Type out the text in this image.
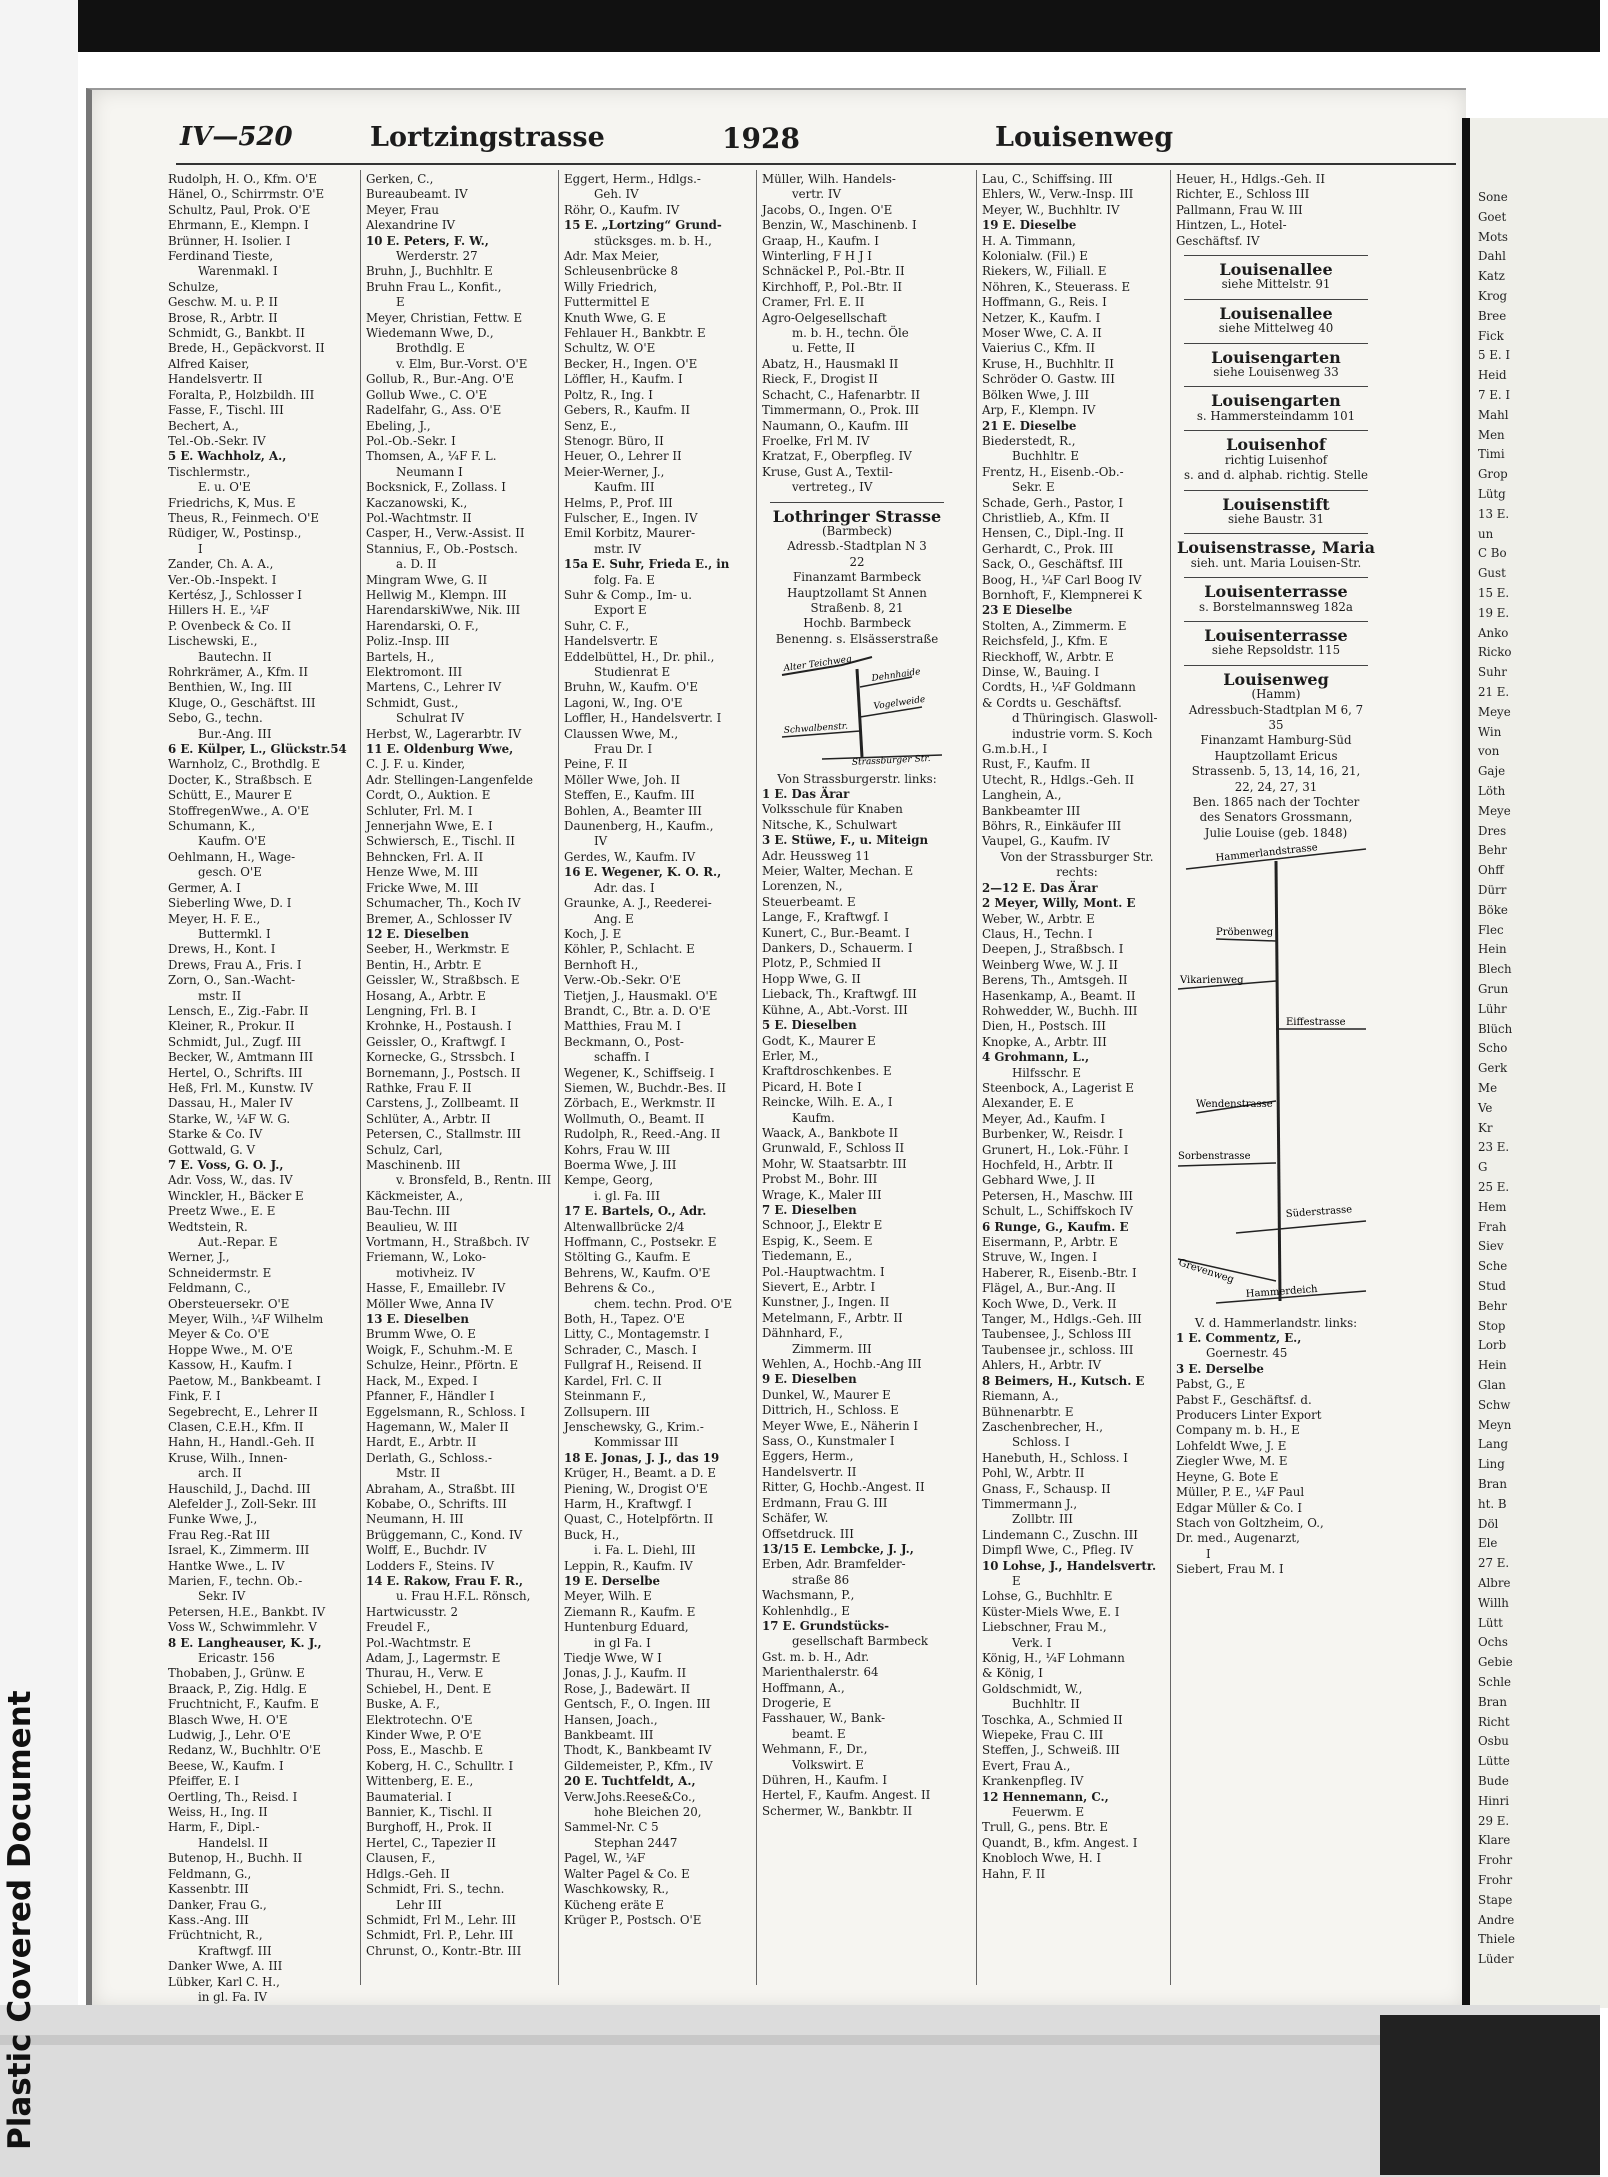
Plastic Covered Document
IV—520	Lortzingstrasse	1928	Louisenweg
Rudolph, H. O., Kfm. O'E
Hänel, O., Schirrmstr. O'E
Schultz, Paul, Prok. O'E
Ehrmann, E., Klempn. I
Brünner, H. Isolier. I
Ferdinand Tieste,
Warenmakl. I
Schulze,
Geschw. M. u. P. II
Brose, R., Arbtr. II
Schmidt, G., Bankbt. II
Brede, H., Gepäckvorst. II
Alfred Kaiser,
Handelsvertr. II
Foralta, P., Holzbildh. III
Fasse, F., Tischl. III
Bechert, A.,
Tel.-Ob.-Sekr. IV
5 E. Wachholz, A.,
Tischlermstr.,
E. u. O'E
Friedrichs, K, Mus. E
Theus, R., Feinmech. O'E
Rüdiger, W., Postinsp.,
I
Zander, Ch. A. A.,
Ver.-Ob.-Inspekt. I
Kertész, J., Schlosser I
Hillers H. E., ¼F
P. Ovenbeck & Co. II
Lischewski, E.,
Bautechn. II
Rohrkrämer, A., Kfm. II
Benthien, W., Ing. III
Kluge, O., Geschäftst. III
Sebo, G., techn.
Bur.-Ang. III
6 E. Külper, L., Glückstr.54
Warnholz, C., Brothdlg. E
Docter, K., Straßbsch. E
Schütt, E., Maurer E
StoffregenWwe., A. O'E
Schumann, K.,
Kaufm. O'E
Oehlmann, H., Wage-
gesch. O'E
Germer, A. I
Sieberling Wwe, D. I
Meyer, H. F. E.,
Buttermkl. I
Drews, H., Kont. I
Drews, Frau A., Fris. I
Zorn, O., San.-Wacht-
mstr. II
Lensch, E., Zig.-Fabr. II
Kleiner, R., Prokur. II
Schmidt, Jul., Zugf. III
Becker, W., Amtmann III
Hertel, O., Schrifts. III
Heß, Frl. M., Kunstw. IV
Dassau, H., Maler IV
Starke, W., ¼F W. G.
Starke & Co. IV
Gottwald, G. V
7 E. Voss, G. O. J.,
Adr. Voss, W., das. IV
Winckler, H., Bäcker E
Preetz Wwe., E. E
Wedtstein, R.
Aut.-Repar. E
Werner, J.,
Schneidermstr. E
Feldmann, C.,
Obersteuersekr. O'E
Meyer, Wilh., ¼F Wilhelm
Meyer & Co. O'E
Hoppe Wwe., M. O'E
Kassow, H., Kaufm. I
Paetow, M., Bankbeamt. I
Fink, F. I
Segebrecht, E., Lehrer II
Clasen, C.E.H., Kfm. II
Hahn, H., Handl.-Geh. II
Kruse, Wilh., Innen-
arch. II
Hauschild, J., Dachd. III
Alefelder J., Zoll-Sekr. III
Funke Wwe, J.,
Frau Reg.-Rat III
Israel, K., Zimmerm. III
Hantke Wwe., L. IV
Marien, F., techn. Ob.-
Sekr. IV
Petersen, H.E., Bankbt. IV
Voss W., Schwimmlehr. V
8 E. Langheauser, K. J.,
Ericastr. 156
Thobaben, J., Grünw. E
Braack, P., Zig. Hdlg. E
Fruchtnicht, F., Kaufm. E
Blasch Wwe, H. O'E
Ludwig, J., Lehr. O'E
Redanz, W., Buchhltr. O'E
Beese, W., Kaufm. I
Pfeiffer, E. I
Oertling, Th., Reisd. I
Weiss, H., Ing. II
Harm, F., Dipl.-
Handelsl. II
Butenop, H., Buchh. II
Feldmann, G.,
Kassenbtr. III
Danker, Frau G.,
Kass.-Ang. III
Früchtnicht, R.,
Kraftwgf. III
Danker Wwe, A. III
Lübker, Karl C. H.,
in gl. Fa. IV
Gerken, C.,
Bureaubeamt. IV
Meyer, Frau
Alexandrine IV
10 E. Peters, F. W.,
Werderstr. 27
Bruhn, J., Buchhltr. E
Bruhn Frau L., Konfit.,
E
Meyer, Christian, Fettw. E
Wiedemann Wwe, D.,
Brothdlg. E
v. Elm, Bur.-Vorst. O'E
Gollub, R., Bur.-Ang. O'E
Gollub Wwe., C. O'E
Radelfahr, G., Ass. O'E
Ebeling, J.,
Pol.-Ob.-Sekr. I
Thomsen, A., ¼F F. L.
Neumann I
Bocksnick, F., Zollass. I
Kaczanowski, K.,
Pol.-Wachtmstr. II
Casper, H., Verw.-Assist. II
Stannius, F., Ob.-Postsch.
a. D. II
Mingram Wwe, G. II
Hellwig M., Klempn. III
HarendarskiWwe, Nik. III
Harendarski, O. F.,
Poliz.-Insp. III
Bartels, H.,
Elektromont. III
Martens, C., Lehrer IV
Schmidt, Gust.,
Schulrat IV
Herbst, W., Lagerarbtr. IV
11 E. Oldenburg Wwe,
C. J. F. u. Kinder,
Adr. Stellingen-Langenfelde
Cordt, O., Auktion. E
Schluter, Frl. M. I
Jennerjahn Wwe, E. I
Schwiersch, E., Tischl. II
Behncken, Frl. A. II
Henze Wwe, M. III
Fricke Wwe, M. III
Schumacher, Th., Koch IV
Bremer, A., Schlosser IV
12 E. Dieselben
Seeber, H., Werkmstr. E
Bentin, H., Arbtr. E
Geissler, W., Straßbsch. E
Hosang, A., Arbtr. E
Lengning, Frl. B. I
Krohnke, H., Postaush. I
Geissler, O., Kraftwgf. I
Kornecke, G., Strssbch. I
Bornemann, J., Postsch. II
Rathke, Frau F. II
Carstens, J., Zollbeamt. II
Schlüter, A., Arbtr. II
Petersen, C., Stallmstr. III
Schulz, Carl,
Maschinenb. III
v. Bronsfeld, B., Rentn. III
Käckmeister, A.,
Bau-Techn. III
Beaulieu, W. III
Vortmann, H., Straßbch. IV
Friemann, W., Loko-
motivheiz. IV
Hasse, F., Emaillebr. IV
Möller Wwe, Anna IV
13 E. Dieselben
Brumm Wwe, O. E
Woigk, F., Schuhm.-M. E
Schulze, Heinr., Pförtn. E
Hack, M., Exped. I
Pfanner, F., Händler I
Eggelsmann, R., Schloss. I
Hagemann, W., Maler II
Hardt, E., Arbtr. II
Derlath, G., Schloss.-
Mstr. II
Abraham, A., Straßbt. III
Kobabe, O., Schrifts. III
Neumann, H. III
Brüggemann, C., Kond. IV
Wolff, E., Buchdr. IV
Lodders F., Steins. IV
14 E. Rakow, Frau F. R.,
u. Frau H.F.L. Rönsch,
Hartwicusstr. 2
Freudel F.,
Pol.-Wachtmstr. E
Adam, J., Lagermstr. E
Thurau, H., Verw. E
Schiebel, H., Dent. E
Buske, A. F.,
Elektrotechn. O'E
Kinder Wwe, P. O'E
Poss, E., Maschb. E
Koberg, H. C., Schulltr. I
Wittenberg, E. E.,
Baumaterial. I
Bannier, K., Tischl. II
Burghoff, H., Prok. II
Hertel, C., Tapezier II
Clausen, F.,
Hdlgs.-Geh. II
Schmidt, Fri. S., techn.
Lehr III
Schmidt, Frl M., Lehr. III
Schmidt, Frl. P., Lehr. III
Chrunst, O., Kontr.-Btr. III
Eggert, Herm., Hdlgs.-
Geh. IV
Röhr, O., Kaufm. IV
15 E. „Lortzing“ Grund-
stücksges. m. b. H.,
Adr. Max Meier,
Schleusenbrücke 8
Willy Friedrich,
Futtermittel E
Knuth Wwe, G. E
Fehlauer H., Bankbtr. E
Schultz, W. O'E
Becker, H., Ingen. O'E
Löffler, H., Kaufm. I
Poltz, R., Ing. I
Gebers, R., Kaufm. II
Senz, E.,
Stenogr. Büro, II
Heuer, O., Lehrer II
Meier-Werner, J.,
Kaufm. III
Helms, P., Prof. III
Fulscher, E., Ingen. IV
Emil Korbitz, Maurer-
mstr. IV
15a E. Suhr, Frieda E., in
folg. Fa. E
Suhr & Comp., Im- u.
Export E
Suhr, C. F.,
Handelsvertr. E
Eddelbüttel, H., Dr. phil.,
Studienrat E
Bruhn, W., Kaufm. O'E
Lagoni, W., Ing. O'E
Loffler, H., Handelsvertr. I
Claussen Wwe, M.,
Frau Dr. I
Peine, F. II
Möller Wwe, Joh. II
Steffen, E., Kaufm. III
Bohlen, A., Beamter III
Daunenberg, H., Kaufm.,
IV
Gerdes, W., Kaufm. IV
16 E. Wegener, K. O. R.,
Adr. das. I
Graunke, A. J., Reederei-
Ang. E
Koch, J. E
Köhler, P., Schlacht. E
Bernhoft H.,
Verw.-Ob.-Sekr. O'E
Tietjen, J., Hausmakl. O'E
Brandt, C., Btr. a. D. O'E
Matthies, Frau M. I
Beckmann, O., Post-
schaffn. I
Wegener, K., Schiffseig. I
Siemen, W., Buchdr.-Bes. II
Zörbach, E., Werkmstr. II
Wollmuth, O., Beamt. II
Rudolph, R., Reed.-Ang. II
Kohrs, Frau W. III
Boerma Wwe, J. III
Kempe, Georg,
i. gl. Fa. III
17 E. Bartels, O., Adr.
Altenwallbrücke 2/4
Hoffmann, C., Postsekr. E
Stölting G., Kaufm. E
Behrens, W., Kaufm. O'E
Behrens & Co.,
chem. techn. Prod. O'E
Both, H., Tapez. O'E
Litty, C., Montagemstr. I
Schrader, C., Masch. I
Fullgraf H., Reisend. II
Kardel, Frl. C. II
Steinmann F.,
Zollsupern. III
Jenschewsky, G., Krim.-
Kommissar III
18 E. Jonas, J. J., das 19
Krüger, H., Beamt. a D. E
Piening, W., Drogist O'E
Harm, H., Kraftwgf. I
Quast, C., Hotelpförtn. II
Buck, H.,
i. Fa. L. Diehl, III
Leppin, R., Kaufm. IV
19 E. Derselbe
Meyer, Wilh. E
Ziemann R., Kaufm. E
Huntenburg Eduard,
in gl Fa. I
Tiedje Wwe, W I
Jonas, J. J., Kaufm. II
Rose, J., Badewärt. II
Gentsch, F., O. Ingen. III
Hansen, Joach.,
Bankbeamt. III
Thodt, K., Bankbeamt IV
Gildemeister, P., Kfm., IV
20 E. Tuchtfeldt, A.,
Verw.Johs.Reese&Co.,
hohe Bleichen 20,
Sammel-Nr. C 5
Stephan 2447
Pagel, W., ¼F
Walter Pagel & Co. E
Waschkowsky, R.,
Kücheng eräte E
Krüger P., Postsch. O'E
Müller, Wilh. Handels-
vertr. IV
Jacobs, O., Ingen. O'E
Benzin, W., Maschinenb. I
Graap, H., Kaufm. I
Winterling, F H J I
Schnäckel P., Pol.-Btr. II
Kirchhoff, P., Pol.-Btr. II
Cramer, Frl. E. II
Agro-Oelgesellschaft
m. b. H., techn. Öle
u. Fette, II
Abatz, H., Hausmakl II
Rieck, F., Drogist II
Schacht, C., Hafenarbtr. II
Timmermann, O., Prok. III
Naumann, O., Kaufm. III
Froelke, Frl M. IV
Kratzat, F., Oberpfleg. IV
Kruse, Gust A., Textil-
vertreteg., IV
Lothringer Strasse
(Barmbeck)
Adressb.-Stadtplan N 3
22
Finanzamt Barmbeck
Hauptzollamt St Annen
Straßenb. 8, 21
Hochb. Barmbeck
Benenng. s. Elsässerstraße
Alter Teichweg
Dehnhaide
Vogelweide
Schwalbenstr.
Strassburger Str.
Von Strassburgerstr. links:
1 E. Das Ärar
Volksschule für Knaben
Nitsche, K., Schulwart
3 E. Stüwe, F., u. Miteign
Adr. Heussweg 11
Meier, Walter, Mechan. E
Lorenzen, N.,
Steuerbeamt. E
Lange, F., Kraftwgf. I
Kunert, C., Bur.-Beamt. I
Dankers, D., Schauerm. I
Plotz, P., Schmied II
Hopp Wwe, G. II
Lieback, Th., Kraftwgf. III
Kühne, A., Abt.-Vorst. III
5 E. Dieselben
Godt, K., Maurer E
Erler, M.,
Kraftdroschkenbes. E
Picard, H. Bote I
Reincke, Wilh. E. A., I
Kaufm.
Waack, A., Bankbote II
Grunwald, F., Schloss II
Mohr, W. Staatsarbtr. III
Probst M., Bohr. III
Wrage, K., Maler III
7 E. Dieselben
Schnoor, J., Elektr E
Espig, K., Seem. E
Tiedemann, E.,
Pol.-Hauptwachtm. I
Sievert, E., Arbtr. I
Kunstner, J., Ingen. II
Metelmann, F., Arbtr. II
Dähnhard, F.,
Zimmerm. III
Wehlen, A., Hochb.-Ang III
9 E. Dieselben
Dunkel, W., Maurer E
Dittrich, H., Schloss. E
Meyer Wwe, E., Näherin I
Sass, O., Kunstmaler I
Eggers, Herm.,
Handelsvertr. II
Ritter, G, Hochb.-Angest. II
Erdmann, Frau G. III
Schäfer, W.
Offsetdruck. III
13/15 E. Lembcke, J. J.,
Erben, Adr. Bramfelder-
straße 86
Wachsmann, P.,
Kohlenhdlg., E
17 E. Grundstücks-
gesellschaft Barmbeck
Gst. m. b. H., Adr.
Marienthalerstr. 64
Hoffmann, A.,
Drogerie, E
Fasshauer, W., Bank-
beamt. E
Wehmann, F., Dr.,
Volkswirt. E
Dühren, H., Kaufm. I
Hertel, F., Kaufm. Angest. II
Schermer, W., Bankbtr. II
Lau, C., Schiffsing. III
Ehlers, W., Verw.-Insp. III
Meyer, W., Buchhltr. IV
19 E. Dieselbe
H. A. Timmann,
Kolonialw. (Fil.) E
Riekers, W., Filiall. E
Nöhren, K., Steuerass. E
Hoffmann, G., Reis. I
Netzer, K., Kaufm. I
Moser Wwe, C. A. II
Vaierius C., Kfm. II
Kruse, H., Buchhltr. II
Schröder O. Gastw. III
Bölken Wwe, J. III
Arp, F., Klempn. IV
21 E. Dieselbe
Biederstedt, R.,
Buchhltr. E
Frentz, H., Eisenb.-Ob.-
Sekr. E
Schade, Gerh., Pastor, I
Christlieb, A., Kfm. II
Hensen, C., Dipl.-Ing. II
Gerhardt, C., Prok. III
Sack, O., Geschäftsf. III
Boog, H., ¼F Carl Boog IV
Bornhoft, F., Klempnerei K
23 E Dieselbe
Stolten, A., Zimmerm. E
Reichsfeld, J., Kfm. E
Rieckhoff, W., Arbtr. E
Dinse, W., Bauing. I
Cordts, H., ¼F Goldmann
& Cordts u. Geschäftsf.
d Thüringisch. Glaswoll-
industrie vorm. S. Koch
G.m.b.H., I
Rust, F., Kaufm. II
Utecht, R., Hdlgs.-Geh. II
Langhein, A.,
Bankbeamter III
Böhrs, R., Einkäufer III
Vaupel, G., Kaufm. IV
Von der Strassburger Str.
rechts:
2—12 E. Das Ärar
2 Meyer, Willy, Mont. E
Weber, W., Arbtr. E
Claus, H., Techn. I
Deepen, J., Straßbsch. I
Weinberg Wwe, W. J. II
Berens, Th., Amtsgeh. II
Hasenkamp, A., Beamt. II
Rohwedder, W., Buchh. III
Dien, H., Postsch. III
Knopke, A., Arbtr. III
4 Grohmann, L.,
Hilfsschr. E
Steenbock, A., Lagerist E
Alexander, E. E
Meyer, Ad., Kaufm. I
Burbenker, W., Reisdr. I
Grunert, H., Lok.-Führ. I
Hochfeld, H., Arbtr. II
Gebhard Wwe, J. II
Petersen, H., Maschw. III
Schult, L., Schiffskoch IV
6 Runge, G., Kaufm. E
Eisermann, P., Arbtr. E
Struve, W., Ingen. I
Haberer, R., Eisenb.-Btr. I
Flägel, A., Bur.-Ang. II
Koch Wwe, D., Verk. II
Tanger, M., Hdlgs.-Geh. III
Taubensee, J., Schloss III
Taubensee jr., schloss. III
Ahlers, H., Arbtr. IV
8 Beimers, H., Kutsch. E
Riemann, A.,
Bühnenarbtr. E
Zaschenbrecher, H.,
Schloss. I
Hanebuth, H., Schloss. I
Pohl, W., Arbtr. II
Gnass, F., Schausp. II
Timmermann J.,
Zollbtr. III
Lindemann C., Zuschn. III
Dimpfl Wwe, C., Pfleg. IV
10 Lohse, J., Handelsvertr.
E
Lohse, G., Buchhltr. E
Küster-Miels Wwe, E. I
Liebschner, Frau M.,
Verk. I
König, H., ¼F Lohmann
& König, I
Goldschmidt, W.,
Buchhltr. II
Toschka, A., Schmied II
Wiepeke, Frau C. III
Steffen, J., Schweiß. III
Evert, Frau A.,
Krankenpfleg. IV
12 Hennemann, C.,
Feuerwm. E
Trull, G., pens. Btr. E
Quandt, B., kfm. Angest. I
Knobloch Wwe, H. I
Hahn, F. II
Heuer, H., Hdlgs.-Geh. II
Richter, E., Schloss III
Pallmann, Frau W. III
Hintzen, L., Hotel-
Geschäftsf. IV
Louisenallee
siehe Mittelstr. 91
Louisenallee
siehe Mittelweg 40
Louisengarten
siehe Louisenweg 33
Louisengarten
s. Hammersteindamm 101
Louisenhof
richtig Luisenhof
s. and d. alphab. richtig. Stelle
Louisenstift
siehe Baustr. 31
Louisenstrasse, Maria
sieh. unt. Maria Louisen-Str.
Louisenterrasse
s. Borstelmannsweg 182a
Louisenterrasse
siehe Repsoldstr. 115
Louisenweg
(Hamm)
Adressbuch-Stadtplan M 6, 7
35
Finanzamt Hamburg-Süd
Hauptzollamt Ericus
Strassenb. 5, 13, 14, 16, 21,
22, 24, 27, 31
Ben. 1865 nach der Tochter
des Senators Grossmann,
Julie Louise (geb. 1848)
Hammerlandstrasse
Pröbenweg
Vikarienweg
Eiffestrasse
Wendenstrasse
Sorbenstrasse
Süderstrasse
Grevenweg
Hammerdeich
V. d. Hammerlandstr. links:
1 E. Commentz, E.,
Goernestr. 45
3 E. Derselbe
Pabst, G., E
Pabst F., Geschäftsf. d.
Producers Linter Export
Company m. b. H., E
Lohfeldt Wwe, J. E
Ziegler Wwe, M. E
Heyne, G. Bote E
Müller, P. E., ¼F Paul
Edgar Müller & Co. I
Stach von Goltzheim, O.,
Dr. med., Augenarzt,
I
Siebert, Frau M. I
Sone
Goet
Mots
Dahl
Katz
Krog
Bree
Fick
5 E. I
Heid
7 E. I
Mahl
Men
Timi
Grop
Lütg
13 E.
un
C Bo
Gust
15 E.
19 E.
Anko
Ricko
Suhr
21 E.
Meye
Win
von
Gaje
Löth
Meye
Dres
Behr
Ohff
Dürr
Böke
Flec
Hein
Blech
Grun
Lühr
Blüch
Scho
Gerk
Me
Ve
Kr
23 E.
G
25 E.
Hem
Frah
Siev
Sche
Stud
Behr
Stop
Lorb
Hein
Glan
Schw
Meyn
Lang
Ling
Bran
ht. B
Döl
Ele
27 E.
Albre
Willh
Lütt
Ochs
Gebie
Schle
Bran
Richt
Osbu
Lütte
Bude
Hinri
29 E.
Klare
Frohr
Frohr
Stape
Andre
Thiele
Lüder
